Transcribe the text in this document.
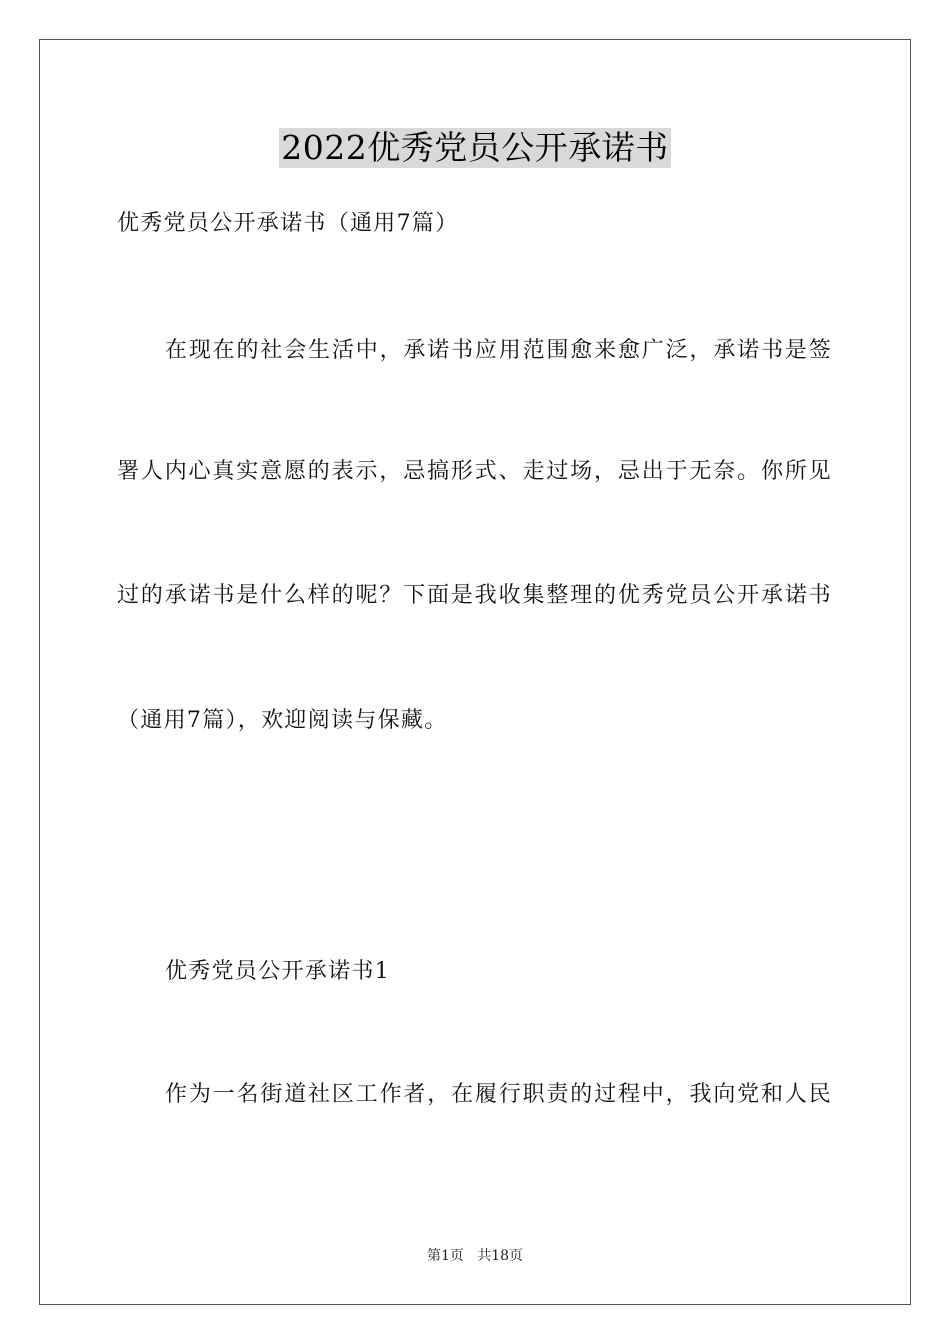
2022优秀党员公开承诺书
优秀党员公开承诺书（通用7篇）
在现在的社会生活中，承诺书应用范围愈来愈广泛，承诺书是签
署人内心真实意愿的表示，忌搞形式、走过场，忌出于无奈。你所见
过的承诺书是什么样的呢？下面是我收集整理的优秀党员公开承诺书
（通用7篇），欢迎阅读与保藏。
优秀党员公开承诺书1
作为一名街道社区工作者，在履行职责的过程中，我向党和人民
第1页   共18页
